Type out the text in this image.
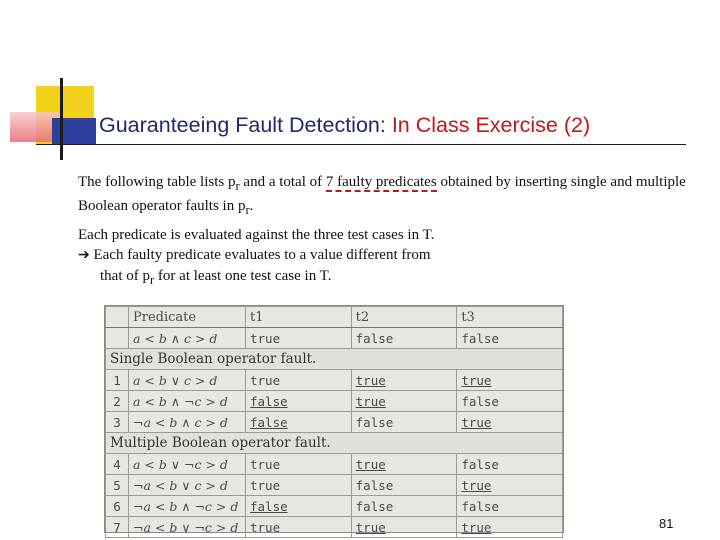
Guaranteeing Fault Detection: In Class Exercise (2)
The following table lists $p_r$ and a total of 7 faulty predicates obtained by inserting single and multiple Boolean operator faults in $p_r$.
Each predicate is evaluated against the three test cases in T.
➔ Each faulty predicate evaluates to a value different from
that of $p_r$ for at least one test case in T.
	Predicate	t1	t2	t3
	a < b ∧ c > d	true	false	false
Single Boolean operator fault.				
1	a < b ∨ c > d	true	true	true
2	a < b ∧ ¬c > d	false	true	false
3	¬a < b ∧ c > d	false	false	true
Multiple Boolean operator fault.				
4	a < b ∨ ¬c > d	true	true	false
5	¬a < b ∨ c > d	true	false	true
6	¬a < b ∧ ¬c > d	false	false	false
7	¬a < b ∨ ¬c > d	true	true	true	81
